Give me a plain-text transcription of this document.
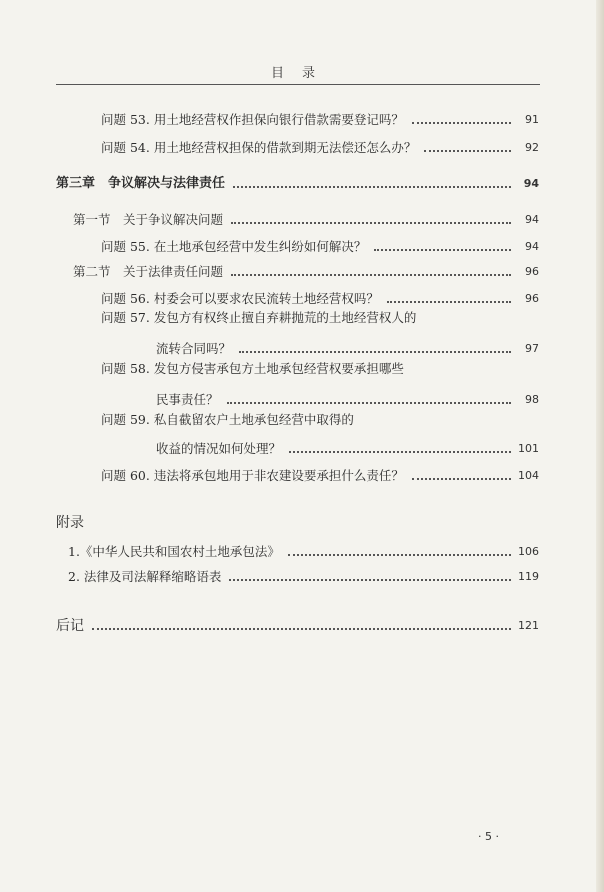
目录
问题 53. 用土地经营权作担保向银行借款需要登记吗？	91
问题 54. 用土地经营权担保的借款到期无法偿还怎么办？	92
第三章　争议解决与法律责任	94
第一节　关于争议解决问题	94
问题 55. 在土地承包经营中发生纠纷如何解决？	94
第二节　关于法律责任问题	96
问题 56. 村委会可以要求农民流转土地经营权吗？	96
问题 57. 发包方有权终止擅自弃耕抛荒的土地经营权人的
流转合同吗？	97
问题 58. 发包方侵害承包方土地承包经营权要承担哪些
民事责任？	98
问题 59. 私自截留农户土地承包经营中取得的
收益的情况如何处理？	101
问题 60. 违法将承包地用于非农建设要承担什么责任？	104
附录
1.《中华人民共和国农村土地承包法》	106
2. 法律及司法解释缩略语表	119
后记	121
· 5 ·
